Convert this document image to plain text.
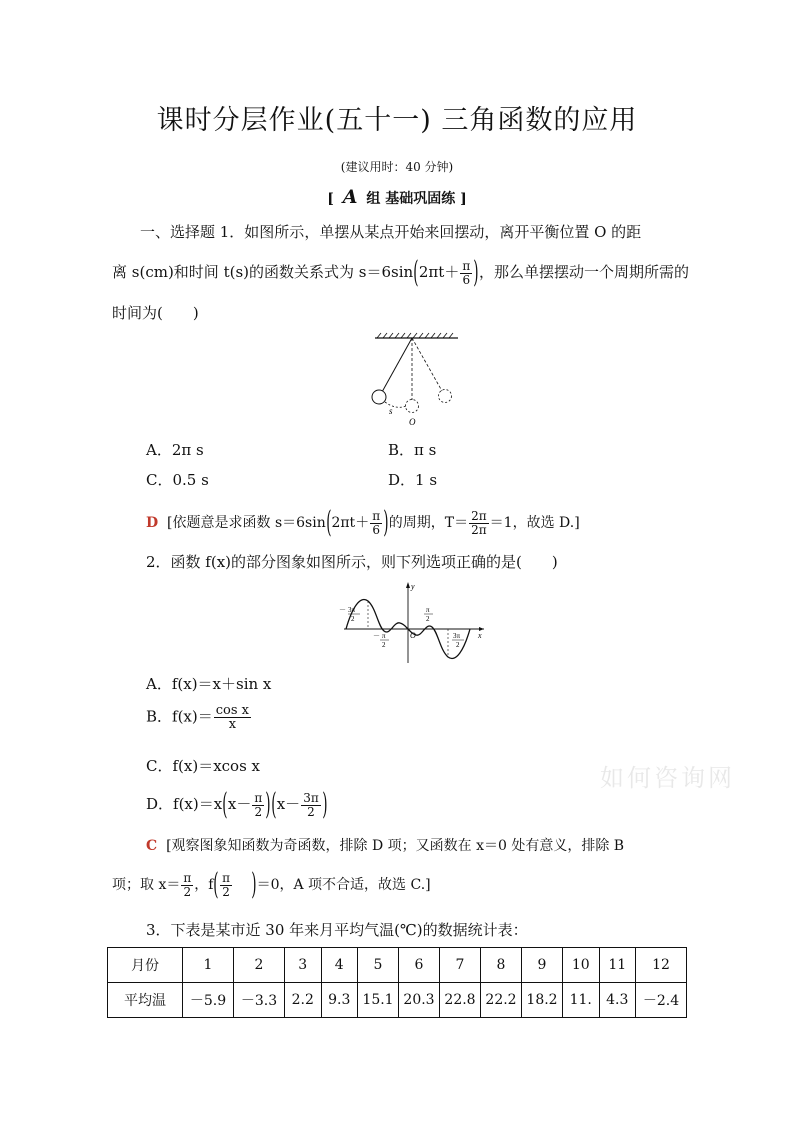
课时分层作业(五十一) 三角函数的应用
(建议用时：40 分钟)
[ A 组 基础巩固练 ]
一、选择题 1．如图所示，单摆从某点开始来回摆动，离开平衡位置 O 的距
离 s(cm)和时间 t(s)的函数关系式为 $s=6\sin(2\pi t+ \frac{\pi}{6}$ )，那么单摆摆动一个周期所需的
时间为(　　)
s
O
A．2π s	B．π s
C．0.5 s	D．1 s
D [依题意是求函数 $s=6\sin(2\pi t+ \frac{\pi}{6}$ )的周期，$T= \frac{2\pi}{2\pi} =1$，故选 D.]
2．函数 f(x)的部分图象如图所示，则下列选项正确的是(　　)
y
x
O
－ 3π
2
－ π
2
π
2
3π
2
A．f(x)＝x＋sin x
B．$f(x)= \frac{\text{cos x}}{x}$
C．f(x)＝xcos x
D．$f(x)=x(x- \frac{\pi}{2} )(x- \frac{3\pi}{2}$ )
C [观察图象知函数为奇函数，排除 D 项；又函数在 x＝0 处有意义，排除 B
项；取 $x= \frac{\pi}{2}$ ，$f( \frac{\pi}{2} )=0$，A 项不合适，故选 C.]
如何咨询网
3．下表是某市近 30 年来月平均气温(℃)的数据统计表：
月份	1	2	3	4	5	6	7	8	9	10	11	12
平均温	－5.9	－3.3	2.2	9.3	15.1	20.3	22.8	22.2	18.2	11.	4.3	－2.4
